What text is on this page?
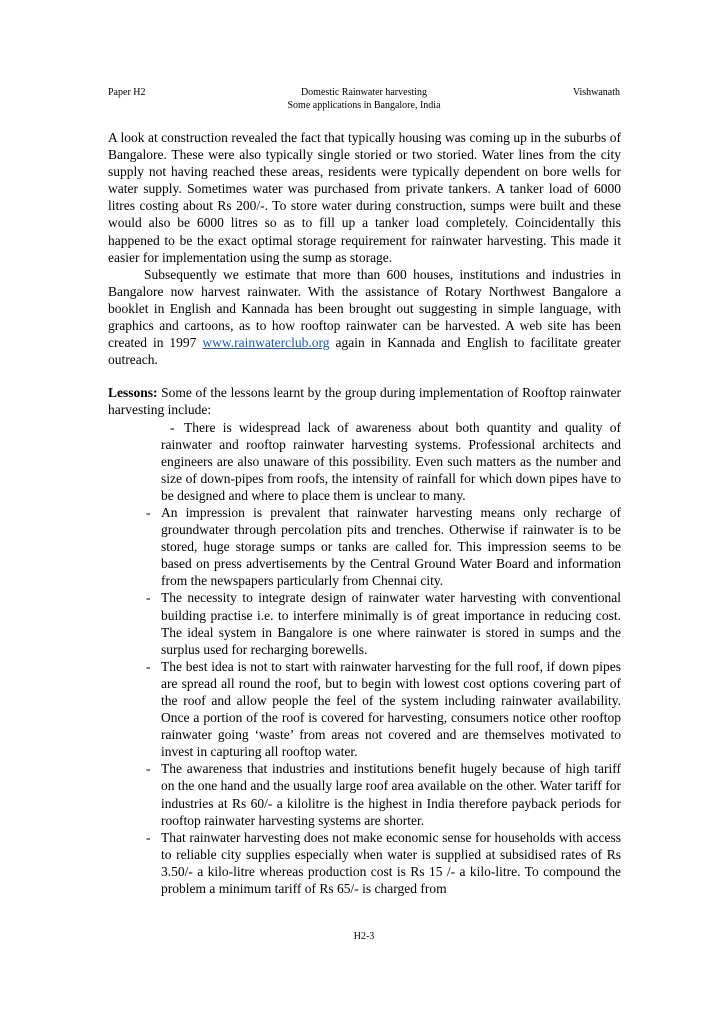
Paper H2	Domestic Rainwater harvesting
Some applications in Bangalore, India
Vishwanath

A look at construction revealed the fact that typically housing was coming up in the suburbs of Bangalore. These were also typically single storied or two storied. Water lines from the city supply not having reached these areas, residents were typically dependent on bore wells for water supply. Sometimes water was purchased from private tankers. A tanker load of 6000 litres costing about Rs 200/-. To store water during construction, sumps were built and these would also be 6000 litres so as to fill up a tanker load completely. Coincidentally this happened to be the exact optimal storage requirement for rainwater harvesting. This made it easier for implementation using the sump as storage.

Subsequently we estimate that more than 600 houses, institutions and industries in Bangalore now harvest rainwater. With the assistance of Rotary Northwest Bangalore a booklet in English and Kannada has been brought out suggesting in simple language, with graphics and cartoons, as to how rooftop rainwater can be harvested. A web site has been created in 1997 www.rainwaterclub.org again in Kannada and English to facilitate greater outreach.

Lessons: Some of the lessons learnt by the group during implementation of Rooftop rainwater harvesting include:

- There is widespread lack of awareness about both quantity and quality of rainwater and rooftop rainwater harvesting systems. Professional architects and engineers are also unaware of this possibility. Even such matters as the number and size of down-pipes from roofs, the intensity of rainfall for which down pipes have to be designed and where to place them is unclear to many.
- An impression is prevalent that rainwater harvesting means only recharge of groundwater through percolation pits and trenches. Otherwise if rainwater is to be stored, huge storage sumps or tanks are called for. This impression seems to be based on press advertisements by the Central Ground Water Board and information from the newspapers particularly from Chennai city.
- The necessity to integrate design of rainwater water harvesting with conventional building practise i.e. to interfere minimally is of great importance in reducing cost. The ideal system in Bangalore is one where rainwater is stored in sumps and the surplus used for recharging borewells.
- The best idea is not to start with rainwater harvesting for the full roof, if down pipes are spread all round the roof, but to begin with lowest cost options covering part of the roof and allow people the feel of the system including rainwater availability. Once a portion of the roof is covered for harvesting, consumers notice other rooftop rainwater going ‘waste’ from areas not covered and are themselves motivated to invest in capturing all rooftop water.
- The awareness that industries and institutions benefit hugely because of high tariff on the one hand and the usually large roof area available on the other. Water tariff for industries at Rs 60/- a kilolitre is the highest in India therefore payback periods for rooftop rainwater harvesting systems are shorter.
- That rainwater harvesting does not make economic sense for households with access to reliable city supplies especially when water is supplied at subsidised rates of Rs 3.50/- a kilo-litre whereas production cost is Rs 15 /- a kilo-litre. To compound the problem a minimum tariff of Rs 65/- is charged from
H2-3
